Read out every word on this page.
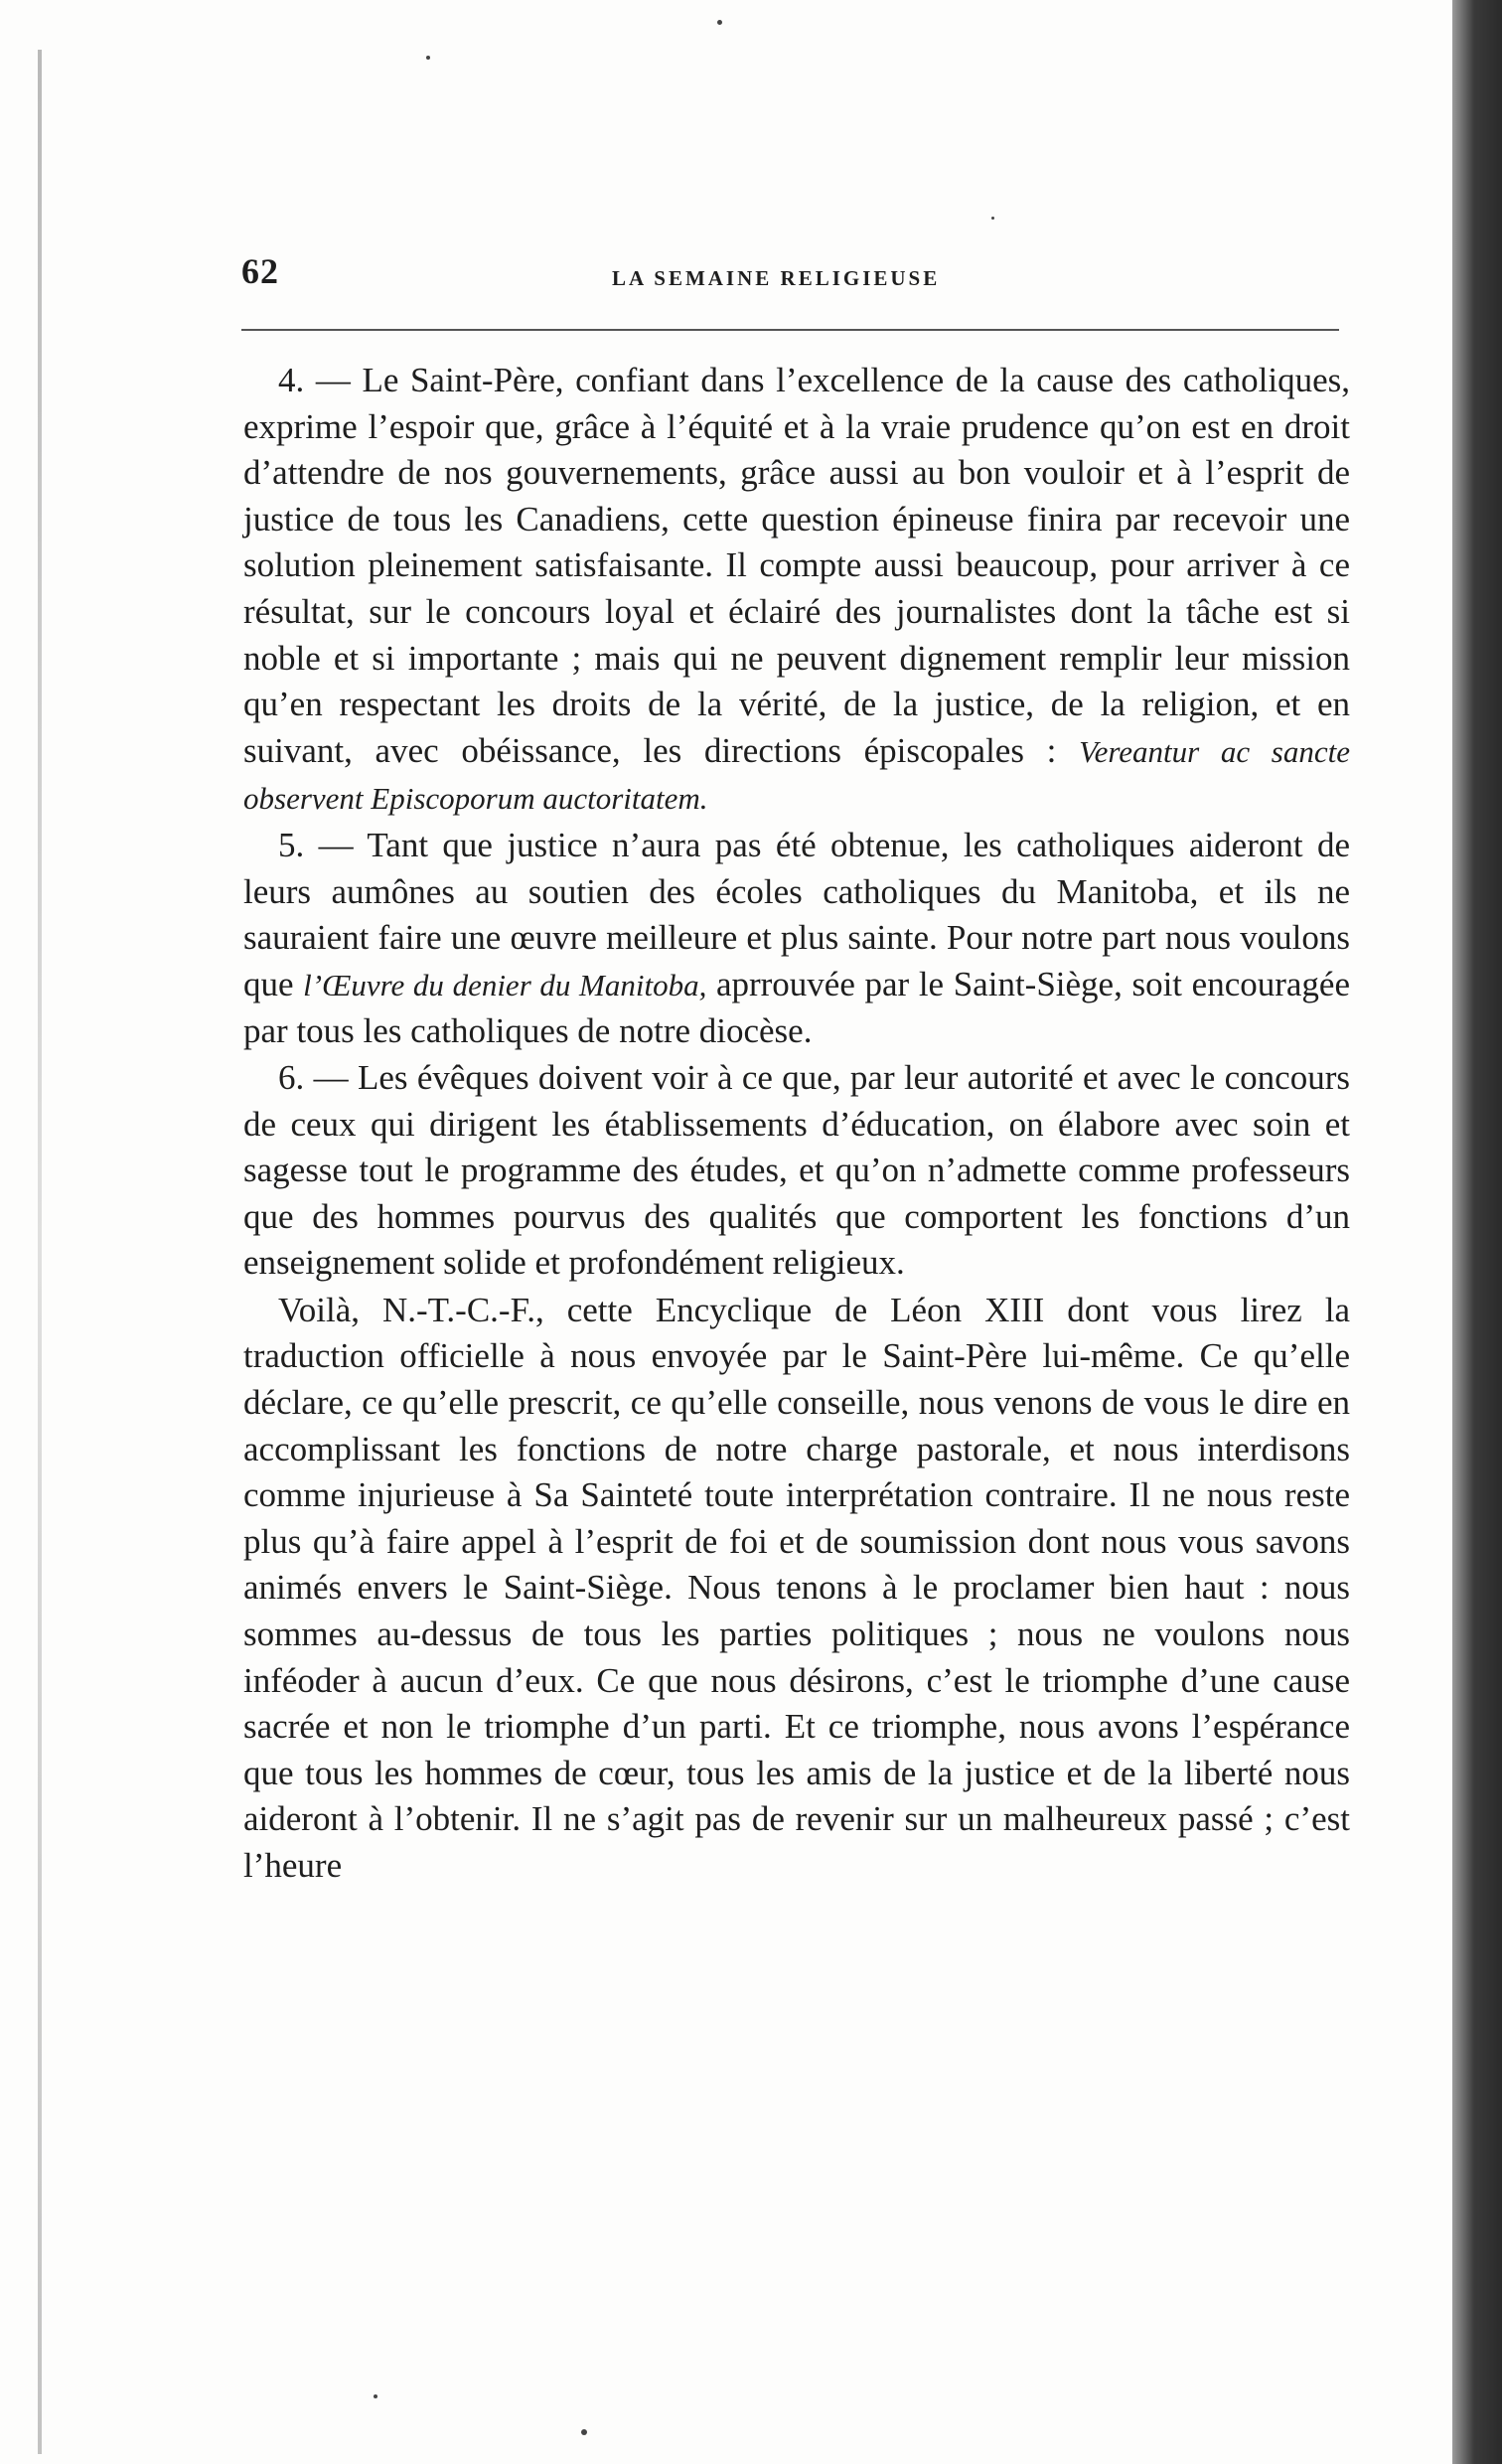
62	LA SEMAINE RELIGIEUSE

4. — Le Saint-Père, confiant dans l’excellence de la cause des catholiques, exprime l’espoir que, grâce à l’équité et à la vraie prudence qu’on est en droit d’attendre de nos gouvernements, grâce aussi au bon vouloir et à l’esprit de justice de tous les Canadiens, cette question épineuse finira par recevoir une solution pleinement satisfaisante. Il compte aussi beaucoup, pour arriver à ce résultat, sur le concours loyal et éclairé des journalistes dont la tâche est si noble et si importante ; mais qui ne peuvent dignement remplir leur mission qu’en respectant les droits de la vérité, de la justice, de la religion, et en suivant, avec obéissance, les directions épiscopales : Vereantur ac sancte observent Episcoporum auctoritatem.

5. — Tant que justice n’aura pas été obtenue, les catholiques aideront de leurs aumônes au soutien des écoles catholiques du Manitoba, et ils ne sauraient faire une œuvre meilleure et plus sainte. Pour notre part nous voulons que l’Œuvre du denier du Manitoba, aprrouvée par le Saint-Siège, soit encouragée par tous les catholiques de notre diocèse.

6. — Les évêques doivent voir à ce que, par leur autorité et avec le concours de ceux qui dirigent les établissements d’éducation, on élabore avec soin et sagesse tout le programme des études, et qu’on n’admette comme professeurs que des hommes pourvus des qualités que comportent les fonctions d’un enseignement solide et profondément religieux.

Voilà, N.-T.-C.-F., cette Encyclique de Léon XIII dont vous lirez la traduction officielle à nous envoyée par le Saint-Père lui-même. Ce qu’elle déclare, ce qu’elle prescrit, ce qu’elle conseille, nous venons de vous le dire en accomplissant les fonctions de notre charge pastorale, et nous interdisons comme injurieuse à Sa Sainteté toute interprétation contraire. Il ne nous reste plus qu’à faire appel à l’esprit de foi et de soumission dont nous vous savons animés envers le Saint-Siège. Nous tenons à le proclamer bien haut : nous sommes au-dessus de tous les parties politiques ; nous ne voulons nous inféoder à aucun d’eux. Ce que nous désirons, c’est le triomphe d’une cause sacrée et non le triomphe d’un parti. Et ce triomphe, nous avons l’espérance que tous les hommes de cœur, tous les amis de la justice et de la liberté nous aideront à l’obtenir. Il ne s’agit pas de revenir sur un malheureux passé ; c’est l’heure
